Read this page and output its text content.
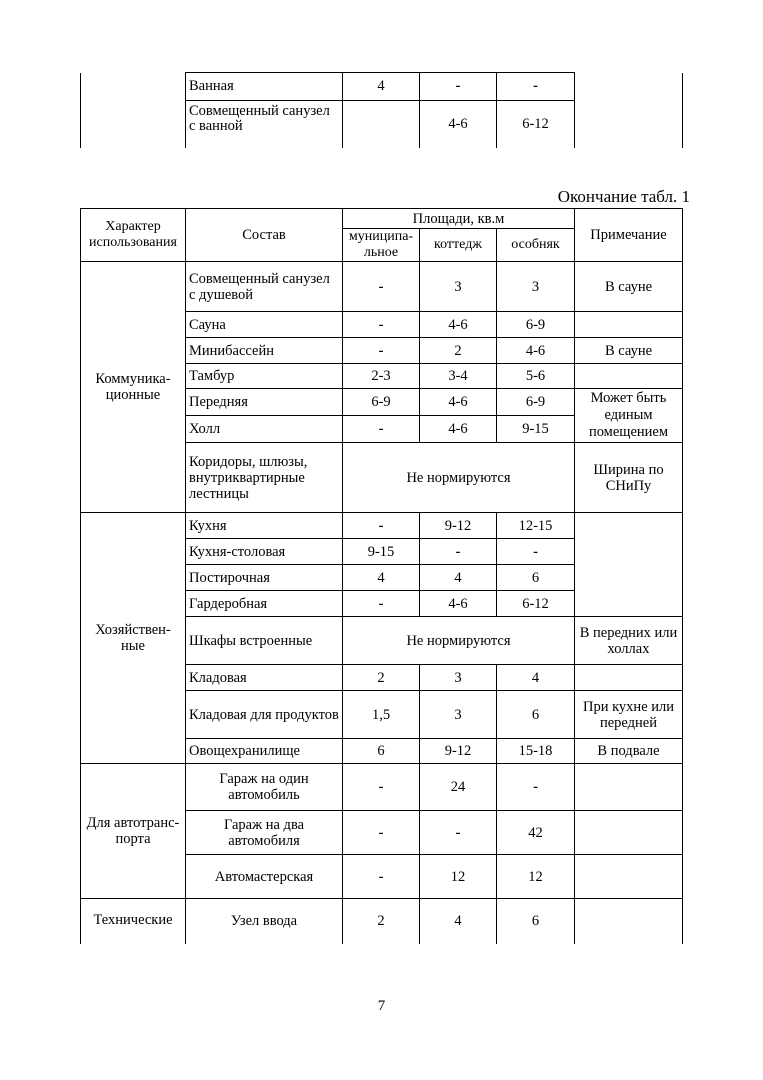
	Ванная	4	-	-	
	Совмещенный санузел с ванной		4-6	6-12	
Окончание табл. 1
Характер использования	Состав	Площади, кв.м			Примечание
		муниципа-льное	коттедж	особняк	
Коммуника-ционные	Совмещенный санузел с душевой	-	3	3	В сауне
	Сауна	-	4-6	6-9	
	Минибассейн	-	2	4-6	В сауне
	Тамбур	2-3	3-4	5-6	
	Передняя	6-9	4-6	6-9	Может быть единым помещением
	Холл	-	4-6	9-15	
	Коридоры, шлюзы, внутриквартирные лестницы	Не нормируются			Ширина по СНиПу
Хозяйствен-ные	Кухня	-	9-12	12-15	
	Кухня-столовая	9-15	-	-	
	Постирочная	4	4	6	
	Гардеробная	-	4-6	6-12	
	Шкафы встроенные	Не нормируются			В передних или холлах
	Кладовая	2	3	4	
	Кладовая для продуктов	1,5	3	6	При кухне или передней
	Овощехранилище	6	9-12	15-18	В подвале
Для автотранс-порта	Гараж на один автомобиль	-	24	-	
	Гараж на два автомобиля	-	-	42	
	Автомастерская	-	12	12	
Технические	Узел ввода	2	4	6	
7
